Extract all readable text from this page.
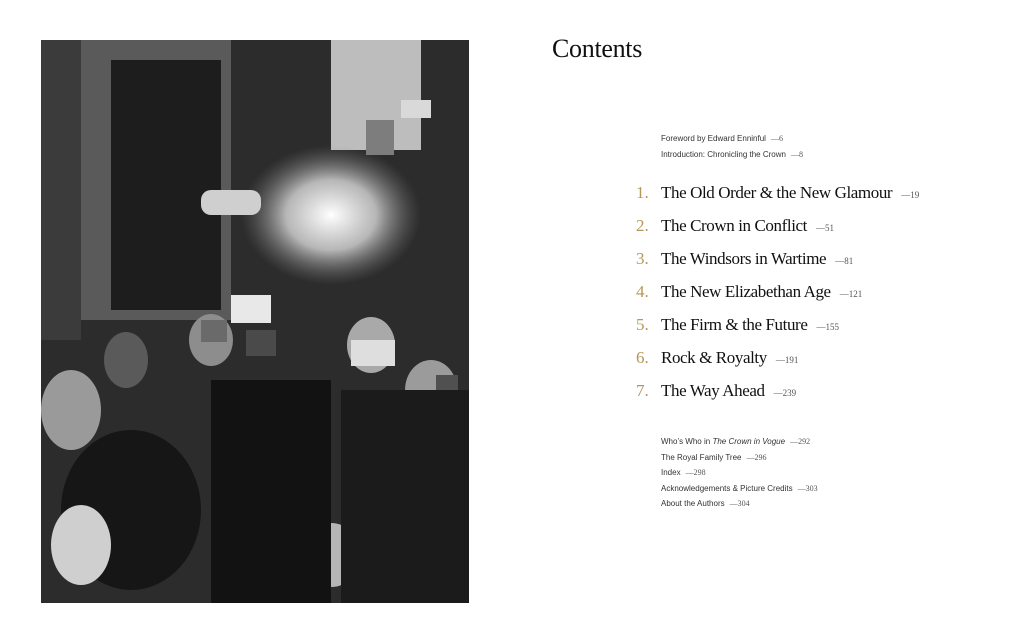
Contents
Foreword by Edward Enninful —6
Introduction: Chronicling the Crown —8
1. The Old Order & the New Glamour —19
2. The Crown in Conflict —51
3. The Windsors in Wartime —81
4. The New Elizabethan Age —121
5. The Firm & the Future —155
6. Rock & Royalty —191
7. The Way Ahead —239
Who’s Who in The Crown in Vogue —292
The Royal Family Tree —296
Index —298
Acknowledgements & Picture Credits —303
About the Authors —304
